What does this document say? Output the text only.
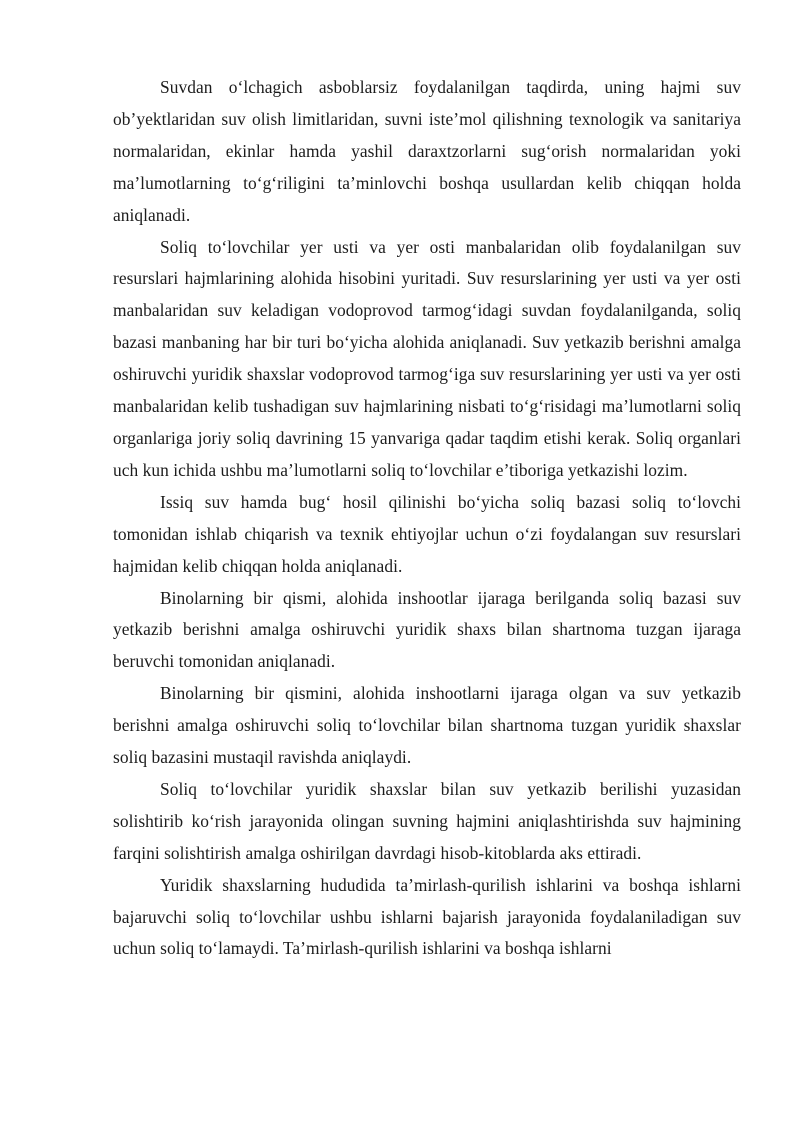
Suvdan o‘lchagich asboblarsiz foydalanilgan taqdirda, uning hajmi suv ob’yektlaridan suv olish limitlaridan, suvni iste’mol qilishning texnologik va sanitariya normalaridan, ekinlar hamda yashil daraxtzorlarni sug‘orish normalaridan yoki ma’lumotlarning to‘g‘riligini ta’minlovchi boshqa usullardan kelib chiqqan holda aniqlanadi.

Soliq to‘lovchilar yer usti va yer osti manbalaridan olib foydalanilgan suv resurslari hajmlarining alohida hisobini yuritadi. Suv resurslarining yer usti va yer osti manbalaridan suv keladigan vodoprovod tarmog‘idagi suvdan foydalanilganda, soliq bazasi manbaning har bir turi bo‘yicha alohida aniqlanadi. Suv yetkazib berishni amalga oshiruvchi yuridik shaxslar vodoprovod tarmog‘iga suv resurslarining yer usti va yer osti manbalaridan kelib tushadigan suv hajmlarining nisbati to‘g‘risidagi ma’lumotlarni soliq organlariga joriy soliq davrining 15 yanvariga qadar taqdim etishi kerak. Soliq organlari uch kun ichida ushbu ma’lumotlarni soliq to‘lovchilar e’tiboriga yetkazishi lozim.

Issiq suv hamda bug‘ hosil qilinishi bo‘yicha soliq bazasi soliq to‘lovchi tomonidan ishlab chiqarish va texnik ehtiyojlar uchun o‘zi foydalangan suv resurslari hajmidan kelib chiqqan holda aniqlanadi.

Binolarning bir qismi, alohida inshootlar ijaraga berilganda soliq bazasi suv yetkazib berishni amalga oshiruvchi yuridik shaxs bilan shartnoma tuzgan ijaraga beruvchi tomonidan aniqlanadi.

Binolarning bir qismini, alohida inshootlarni ijaraga olgan va suv yetkazib berishni amalga oshiruvchi soliq to‘lovchilar bilan shartnoma tuzgan yuridik shaxslar soliq bazasini mustaqil ravishda aniqlaydi.

Soliq to‘lovchilar yuridik shaxslar bilan suv yetkazib berilishi yuzasidan solishtirib ko‘rish jarayonida olingan suvning hajmini aniqlashtirishda suv hajmining farqini solishtirish amalga oshirilgan davrdagi hisob-kitoblarda aks ettiradi.

Yuridik shaxslarning hududida ta’mirlash-qurilish ishlarini va boshqa ishlarni bajaruvchi soliq to‘lovchilar ushbu ishlarni bajarish jarayonida foydalaniladigan suv uchun soliq to‘lamaydi. Ta’mirlash-qurilish ishlarini va boshqa ishlarni
